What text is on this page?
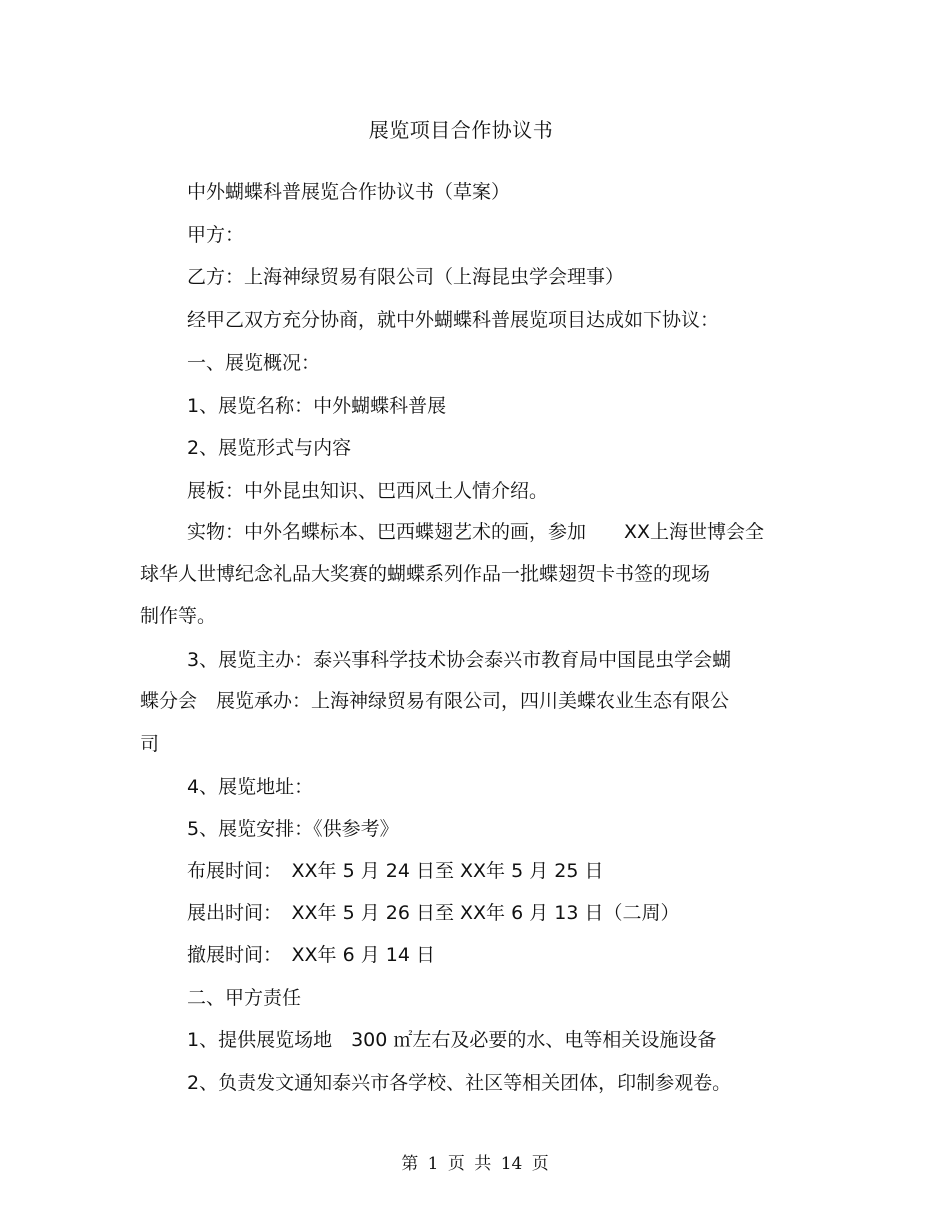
展览项目合作协议书
中外蝴蝶科普展览合作协议书（草案）
甲方：
乙方：上海神绿贸易有限公司（上海昆虫学会理事）
经甲乙双方充分协商，就中外蝴蝶科普展览项目达成如下协议：
一、展览概况：
1、展览名称：中外蝴蝶科普展
2、展览形式与内容
展板：中外昆虫知识、巴西风土人情介绍。
实物：中外名蝶标本、巴西蝶翅艺术的画，参加　　XX上海世博会全
球华人世博纪念礼品大奖赛的蝴蝶系列作品一批蝶翅贺卡书签的现场
制作等。
3、展览主办：泰兴事科学技术协会泰兴市教育局中国昆虫学会蝴
蝶分会　展览承办：上海神绿贸易有限公司，四川美蝶农业生态有限公
司
4、展览地址：
5、展览安排：《供参考》
布展时间：　XX年 5 月 24 日至 XX年 5 月 25 日
展出时间：　XX年 5 月 26 日至 XX年 6 月 13 日（二周）
撤展时间：　XX年 6 月 14 日
二、甲方责任
1、提供展览场地　300 ㎡左右及必要的水、电等相关设施设备
2、负责发文通知泰兴市各学校、社区等相关团体，印制参观卷。
第 1 页 共 14 页
